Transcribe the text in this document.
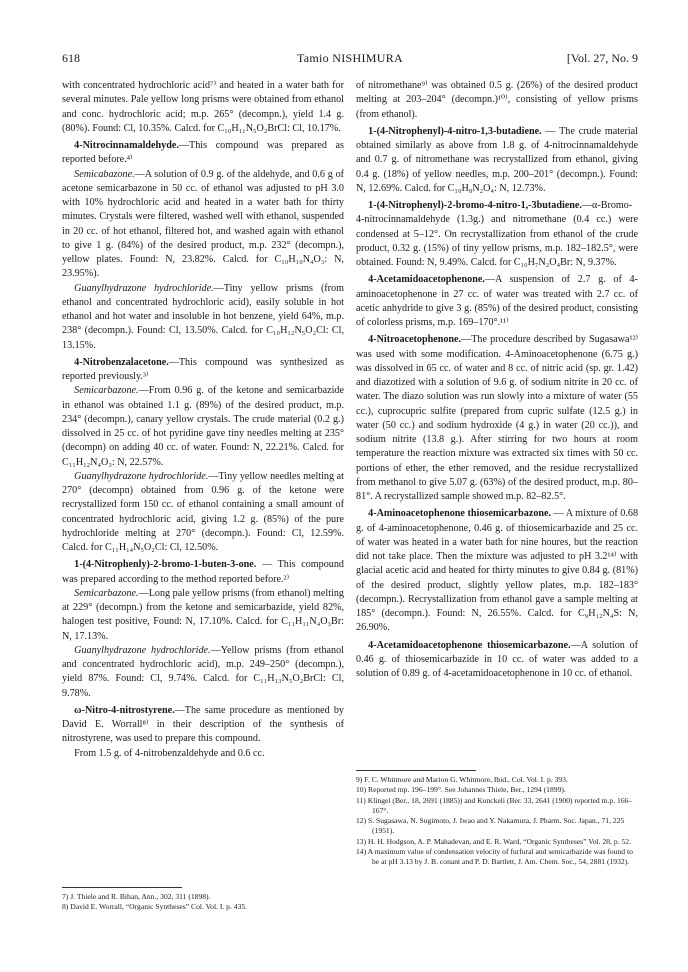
618	Tamio NISHIMURA	[Vol. 27, No. 9

with concentrated hydrochloric acid⁷⁾ and heated in a water bath for several minutes. Pale yellow long prisms were obtained from ethanol and conc. hydrochloric acid; m.p. 265° (decompn.), yield 1.4 g. (80%). Found: Cl, 10.35%. Calcd. for C₁₀H₁₁N₅O₂BrCl: Cl, 10.17%.

4-Nitrocinnamaldehyde.—This compound was prepared as reported before.⁴⁾

Semicabazone.—A solution of 0.9 g. of the aldehyde, and 0.6 g of acetone semicarbazone in 50 cc. of ethanol was adjusted to pH 3.0 with 10% hydrochloric acid and heated in a water bath for thirty minutes. Crystals were filtered, washed well with ethanol, suspended in 20 cc. of hot ethanol, filtered hot, and washed again with ethanol to give 1 g. (84%) of the desired product, m.p. 232° (decompn.), yellow plates. Found: N, 23.82%. Calcd. for C₁₀H₁₀N₄O₃: N, 23.95%).

Guanylhydrazone hydrochloride.—Tiny yellow prisms (from ethanol and concentrated hydrochloric acid), easily soluble in hot ethanol and hot water and insoluble in hot benzene, yield 64%, m.p. 238° (decompn.). Found: Cl, 13.50%. Calcd. for C₁₀H₁₂N₅O₂Cl: Cl, 13.15%.

4-Nitrobenzalacetone.—This compound was synthesized as reported previously.³⁾

Semicarbazone.—From 0.96 g. of the ketone and semicarbazide in ethanol was obtained 1.1 g. (89%) of the desired product, m.p. 234° (decompn.), canary yellow crystals. The crude material (0.2 g.) dissolved in 25 cc. of hot pyridine gave tiny needles melting at 235° (decompn) on adding 40 cc. of water. Found: N, 22.21%. Calcd. for C₁₁H₁₂N₄O₃: N, 22.57%.

Guanylhydrazone hydrochloride.—Tiny yellow needles melting at 270° (decompn) obtained from 0.96 g. of the ketone were recrystallized form 150 cc. of ethanol containing a small amount of concentrated hydrochloric acid, giving 1.2 g. (85%) of the pure hydrochloride melting at 270° (decompn.). Found: Cl, 12.59%. Calcd. for C₁₁H₁₄N₅O₂Cl: Cl, 12.50%.

1-(4-Nitrophenly)-2-bromo-1-buten-3-one. — This compound was prepared according to the method reported before.²⁾

Semicarbazone.—Long pale yellow prisms (from ethanol) melting at 229° (decompn.) from the ketone and semicarbazide, yield 82%, halogen test positive, Found: N, 17.10%. Calcd. for C₁₁H₁₁N₄O₃Br: N, 17.13%.

Guanylhydrazone hydrochloride.—Yellow prisms (from ethanol and concentrated hydrochloric acid), m.p. 249–250° (decompn.), yield 87%. Found: Cl, 9.74%. Calcd. for C₁₁H₁₃N₅O₂BrCl: Cl, 9.78%.

ω-Nitro-4-nitrostyrene.—The same procedure as mentioned by David E. Worrall⁸⁾ in their description of the synthesis of nitrostyrene, was used to prepare this compound.

From 1.5 g. of 4-nitrobenzaldehyde and 0.6 cc.

of nitromethane⁹⁾ was obtained 0.5 g. (26%) of the desired product melting at 203–204° (decompn.)¹⁰⁾, consisting of yellow prisms (from ethanol).

1-(4-Nitrophenyl)-4-nitro-1,3-butadiene. — The crude material obtained similarly as above from 1.8 g. of 4-nitrocinnamaldehyde and 0.7 g. of nitromethane was recrystallized from ethanol, giving 0.4 g. (18%) of yellow needles, m.p. 200–201° (decompn.). Found: N, 12.69%. Calcd. for C₁₀H₈N₂O₄: N, 12.73%.

1-(4-Nitrophenyl)-2-bromo-4-nitro-1,-3butadiene.—α-Bromo-4-nitrocinnamaldehyde (1.3g.) and nitromethane (0.4 cc.) were condensed at 5–12°. On recrystallization from ethanol of the crude product, 0.32 g. (15%) of tiny yellow prisms, m.p. 182–182.5°, were obtained. Found: N, 9.49%. Calcd. for C₁₀H₇N₂O₄Br: N, 9.37%.

4-Acetamidoacetophenone.—A suspension of 2.7 g. of 4-aminoacetophenone in 27 cc. of water was treated with 2.7 cc. of acetic anhydride to give 3 g. (85%) of the desired product, consisting of colorless prisms, m.p. 169–170°.¹¹⁾

4-Nitroacetophenone.—The procedure described by Sugasawa¹²⁾ was used with some modification. 4-Aminoacetophenone (6.75 g.) was dissolved in 65 cc. of water and 8 cc. of nitric acid (sp. gr. 1.42) and diazotized with a solution of 9.6 g. of sodium nitrite in 20 cc. of water. The diazo solution was run slowly into a mixture of water (55 cc.), cuprocupric sulfite (prepared from cupric sulfate (12.5 g.) in water (50 cc.) and sodium hydroxide (4 g.) in water (20 cc.)), and sodium nitrite (13.8 g.). After stirring for two hours at room temperature the reaction mixture was extracted six times with 50 cc. portions of ether, the ether removed, and the residue recrystallized from methanol to give 5.07 g. (63%) of the desired product, m.p. 80–81°. A recrystallized sample showed m.p. 82–82.5°.

4-Aminoacetophenone thiosemicarbazone. — A mixture of 0.68 g. of 4-aminoacetophenone, 0.46 g. of thiosemicarbazide and 25 cc. of water was heated in a water bath for nine houres, but the reaction did not take place. Then the mixture was adjusted to pH 3.2¹⁴⁾ with glacial acetic acid and heated for thirty minutes to give 0.84 g. (81%) of the desired product, slightly yellow plates, m.p. 182–183° (decompn.). Recrystallization from ethanol gave a sample melting at 185° (decompn.). Found: N, 26.55%. Calcd. for C₉H₁₂N₄S: N, 26.90%.

4-Acetamidoacetophenone thiosemicarbazone.—A solution of 0.46 g. of thiosemicarbazide in 10 cc. of water was added to a solution of 0.89 g. of 4-acetamidoacetophenone in 10 cc. of ethanol.

7) J. Thiele and R. Bihan, Ann., 302, 311 (1898).
8) David E. Worrall, “Organic Syntheses” Col. Vol. I. p. 435.
9) F. C. Whitmore and Marion G. Whitmore, Ibid., Col. Vol. I. p. 393.
10) Reported mp. 196–199°. See Johannes Thiele, Ber., 1294 (1899).
11) Klingel (Ber., 18, 2691 (1885)) and Kunckeli (Ber. 33, 2641 (1900) reported m.p. 166–167°.
12) S. Sugasawa, N. Sugimoto, J. Iwao and Y. Nakamura, J. Pharm. Soc. Japan., 71, 225 (1951).
13) H. H. Hodgson, A. P. Mahadevan, and E. R. Ward, “Organic Syntheses” Vol. 28, p. 52.
14) A maximum value of condensation velocity of furfural and semicarbazide was found to be at pH 3.13 by J. B. conant and P. D. Bartlett, J. Am. Chem. Soc., 54, 2881 (1932).
